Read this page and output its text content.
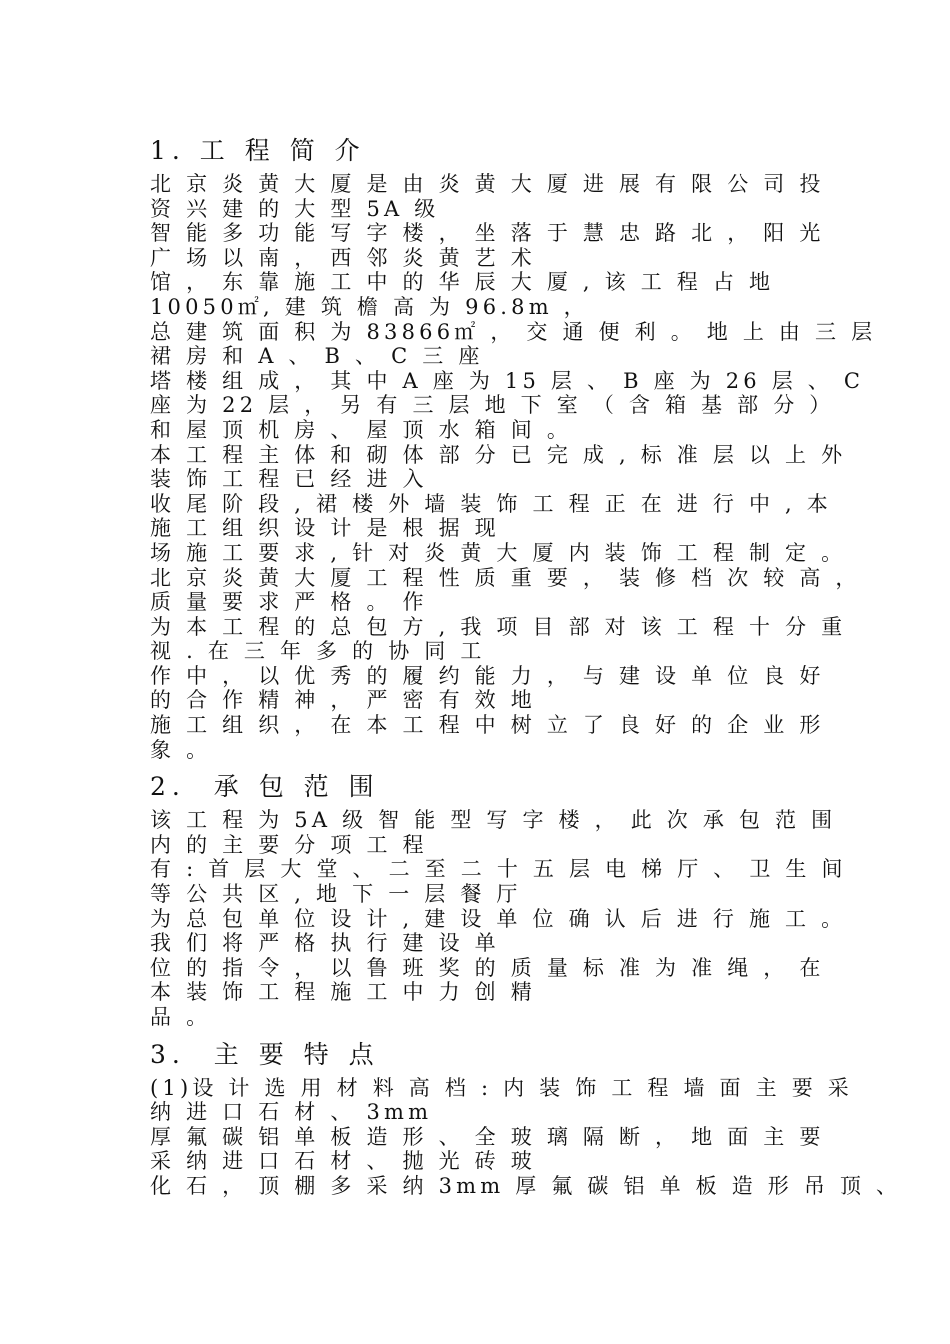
1. 工 程 简 介
北 京 炎 黄 大 厦 是 由 炎 黄 大 厦 进 展 有 限 公 司 投
资 兴 建 的 大 型 5A 级
智 能 多 功 能 写 字 楼 ， 坐 落 于 慧 忠 路 北 ， 阳 光
广 场 以 南 ， 西 邻 炎 黄 艺 术
馆 ， 东 靠 施 工 中 的 华 辰 大 厦 , 该 工 程 占 地
10050㎡, 建 筑 檐 高 为 96.8m ，
总 建 筑 面 积 为 83866㎡ ， 交 通 便 利 。 地 上 由 三 层
裙 房 和 A 、 B 、 C 三 座
塔 楼 组 成 ， 其 中 A 座 为 15 层 、 B 座 为 26 层 、 C
座 为 22 层 ， 另 有 三 层 地 下 室 （ 含 箱 基 部 分 ）
和 屋 顶 机 房 、 屋 顶 水 箱 间 。
本 工 程 主 体 和 砌 体 部 分 已 完 成 , 标 准 层 以 上 外
装 饰 工 程 已 经 进 入
收 尾 阶 段 , 裙 楼 外 墙 装 饰 工 程 正 在 进 行 中 , 本
施 工 组 织 设 计 是 根 据 现
场 施 工 要 求 , 针 对 炎 黄 大 厦 内 装 饰 工 程 制 定 。
北 京 炎 黄 大 厦 工 程 性 质 重 要 ， 装 修 档 次 较 高 ，
质 量 要 求 严 格 。 作
为 本 工 程 的 总 包 方 , 我 项 目 部 对 该 工 程 十 分 重
视 . 在 三 年 多 的 协 同 工
作 中 ， 以 优 秀 的 履 约 能 力 ， 与 建 设 单 位 良 好
的 合 作 精 神 ， 严 密 有 效 地
施 工 组 织 ， 在 本 工 程 中 树 立 了 良 好 的 企 业 形
象 。
2.  承 包 范 围
该 工 程 为 5A 级 智 能 型 写 字 楼 ， 此 次 承 包 范 围
内 的 主 要 分 项 工 程
有 : 首 层 大 堂 、 二 至 二 十 五 层 电 梯 厅 、 卫 生 间
等 公 共 区 , 地 下 一 层 餐 厅
为 总 包 单 位 设 计 , 建 设 单 位 确 认 后 进 行 施 工 。
我 们 将 严 格 执 行 建 设 单
位 的 指 令 ， 以 鲁 班 奖 的 质 量 标 准 为 准 绳 ， 在
本 装 饰 工 程 施 工 中 力 创 精
品 。
3.  主 要 特 点
(1)设 计 选 用 材 料 高 档 : 内 装 饰 工 程 墙 面 主 要 采
纳 进 口 石 材 、 3mm
厚 氟 碳 铝 单 板 造 形 、 全 玻 璃 隔 断 ， 地 面 主 要
采 纳 进 口 石 材 、 抛 光 砖 玻
化 石 ， 顶 棚 多 采 纳 3mm 厚 氟 碳 铝 单 板 造 形 吊 顶 、
